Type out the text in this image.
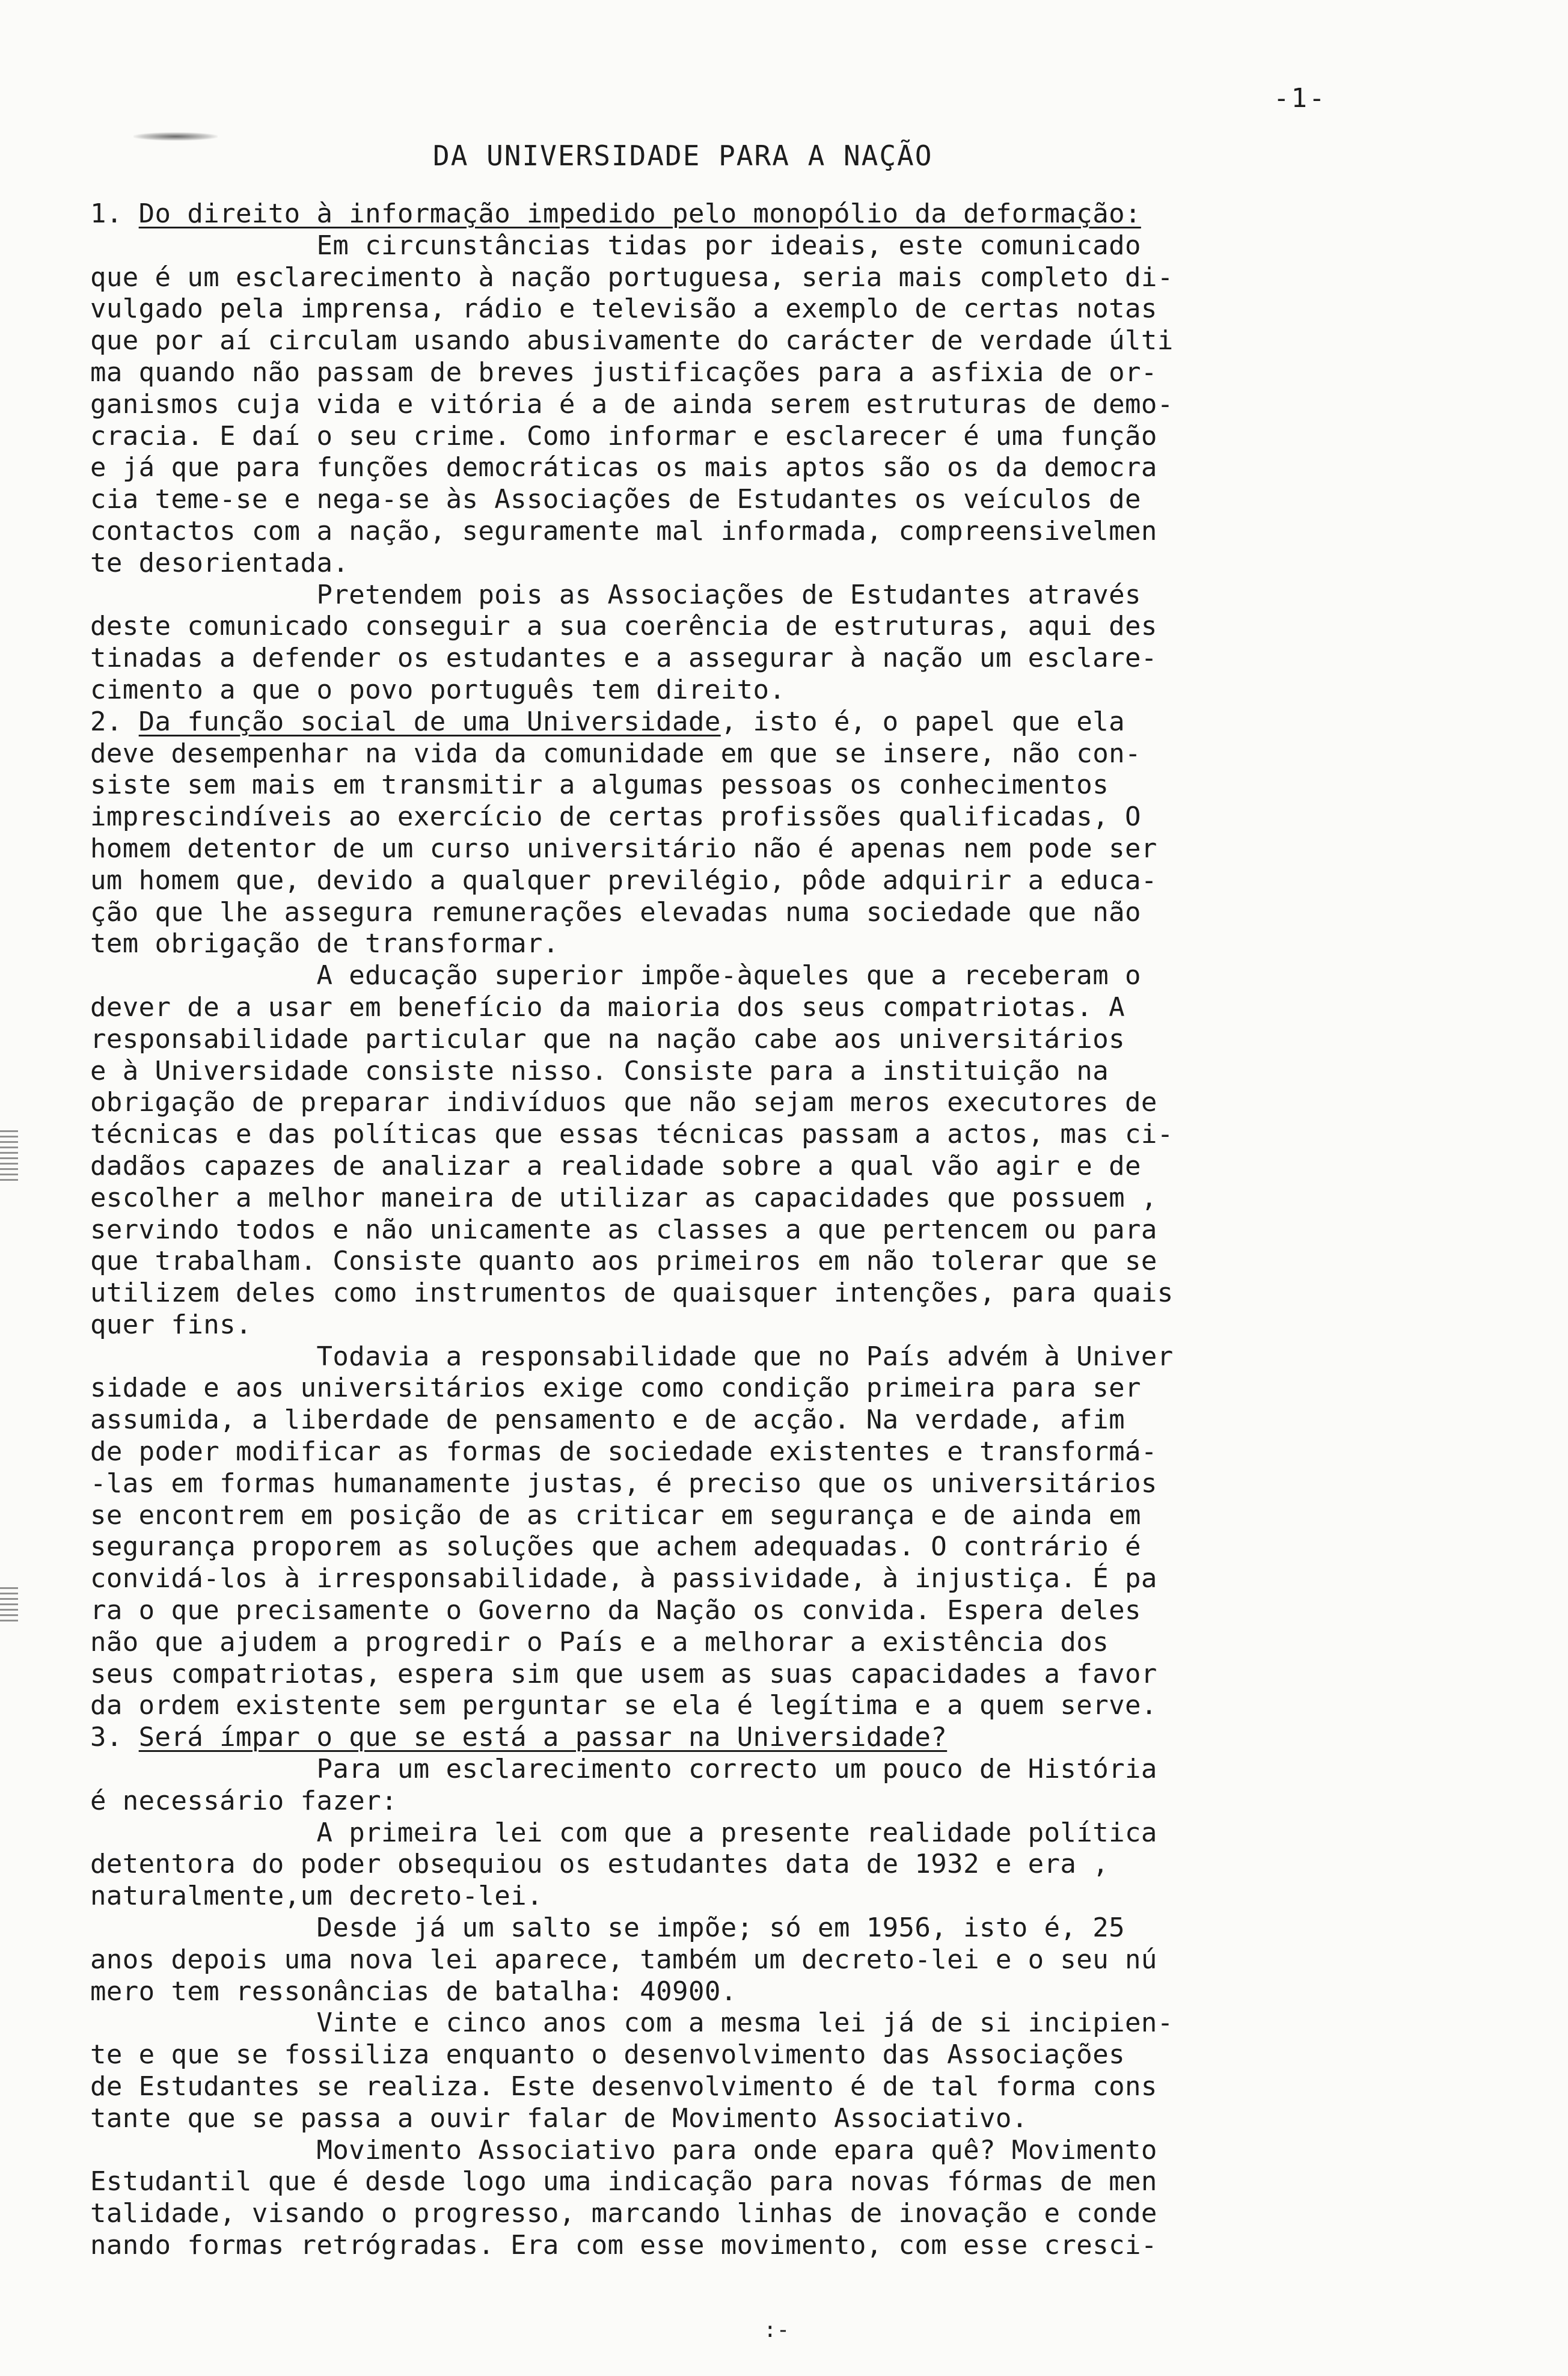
-1-
DA UNIVERSIDADE PARA A NAÇÃO
1. Do direito à informação impedido pelo monopólio da deformação:
Em circunstâncias tidas por ideais, este comunicado
que é um esclarecimento à nação portuguesa, seria mais completo di-
vulgado pela imprensa, rádio e televisão a exemplo de certas notas
que por aí circulam usando abusivamente do carácter de verdade últi
ma quando não passam de breves justificações para a asfixia de or-
ganismos cuja vida e vitória é a de ainda serem estruturas de demo-
cracia. E daí o seu crime. Como informar e esclarecer é uma função
e já que para funções democráticas os mais aptos são os da democra
cia teme-se e nega-se às Associações de Estudantes os veículos de
contactos com a nação, seguramente mal informada, compreensivelmen
te desorientada.
Pretendem pois as Associações de Estudantes através
deste comunicado conseguir a sua coerência de estruturas, aqui des
tinadas a defender os estudantes e a assegurar à nação um esclare-
cimento a que o povo português tem direito.
2. Da função social de uma Universidade, isto é, o papel que ela
deve desempenhar na vida da comunidade em que se insere, não con-
siste sem mais em transmitir a algumas pessoas os conhecimentos
imprescindíveis ao exercício de certas profissões qualificadas, O
homem detentor de um curso universitário não é apenas nem pode ser
um homem que, devido a qualquer previlégio, pôde adquirir a educa-
ção que lhe assegura remunerações elevadas numa sociedade que não
tem obrigação de transformar.
A educação superior impõe-àqueles que a receberam o
dever de a usar em benefício da maioria dos seus compatriotas. A
responsabilidade particular que na nação cabe aos universitários
e à Universidade consiste nisso. Consiste para a instituição na
obrigação de preparar indivíduos que não sejam meros executores de
técnicas e das políticas que essas técnicas passam a actos, mas ci-
dadãos capazes de analizar a realidade sobre a qual vão agir e de
escolher a melhor maneira de utilizar as capacidades que possuem ,
servindo todos e não unicamente as classes a que pertencem ou para
que trabalham. Consiste quanto aos primeiros em não tolerar que se
utilizem deles como instrumentos de quaisquer intenções, para quais
quer fins.
Todavia a responsabilidade que no País advém à Univer
sidade e aos universitários exige como condição primeira para ser
assumida, a liberdade de pensamento e de acção. Na verdade, afim
de poder modificar as formas de sociedade existentes e transformá-
-las em formas humanamente justas, é preciso que os universitários
se encontrem em posição de as criticar em segurança e de ainda em
segurança proporem as soluções que achem adequadas. O contrário é
convidá-los à irresponsabilidade, à passividade, à injustiça. É pa
ra o que precisamente o Governo da Nação os convida. Espera deles
não que ajudem a progredir o País e a melhorar a existência dos
seus compatriotas, espera sim que usem as suas capacidades a favor
da ordem existente sem perguntar se ela é legítima e a quem serve.
3. Será ímpar o que se está a passar na Universidade?
Para um esclarecimento correcto um pouco de História
é necessário fazer:
A primeira lei com que a presente realidade política
detentora do poder obsequiou os estudantes data de 1932 e era ,
naturalmente,um decreto-lei.
Desde já um salto se impõe; só em 1956, isto é, 25
anos depois uma nova lei aparece, também um decreto-lei e o seu nú
mero tem ressonâncias de batalha: 40900.
Vinte e cinco anos com a mesma lei já de si incipien-
te e que se fossiliza enquanto o desenvolvimento das Associações
de Estudantes se realiza. Este desenvolvimento é de tal forma cons
tante que se passa a ouvir falar de Movimento Associativo.
Movimento Associativo para onde epara quê? Movimento
Estudantil que é desde logo uma indicação para novas fórmas de men
talidade, visando o progresso, marcando linhas de inovação e conde
nando formas retrógradas. Era com esse movimento, com esse cresci-
:-
